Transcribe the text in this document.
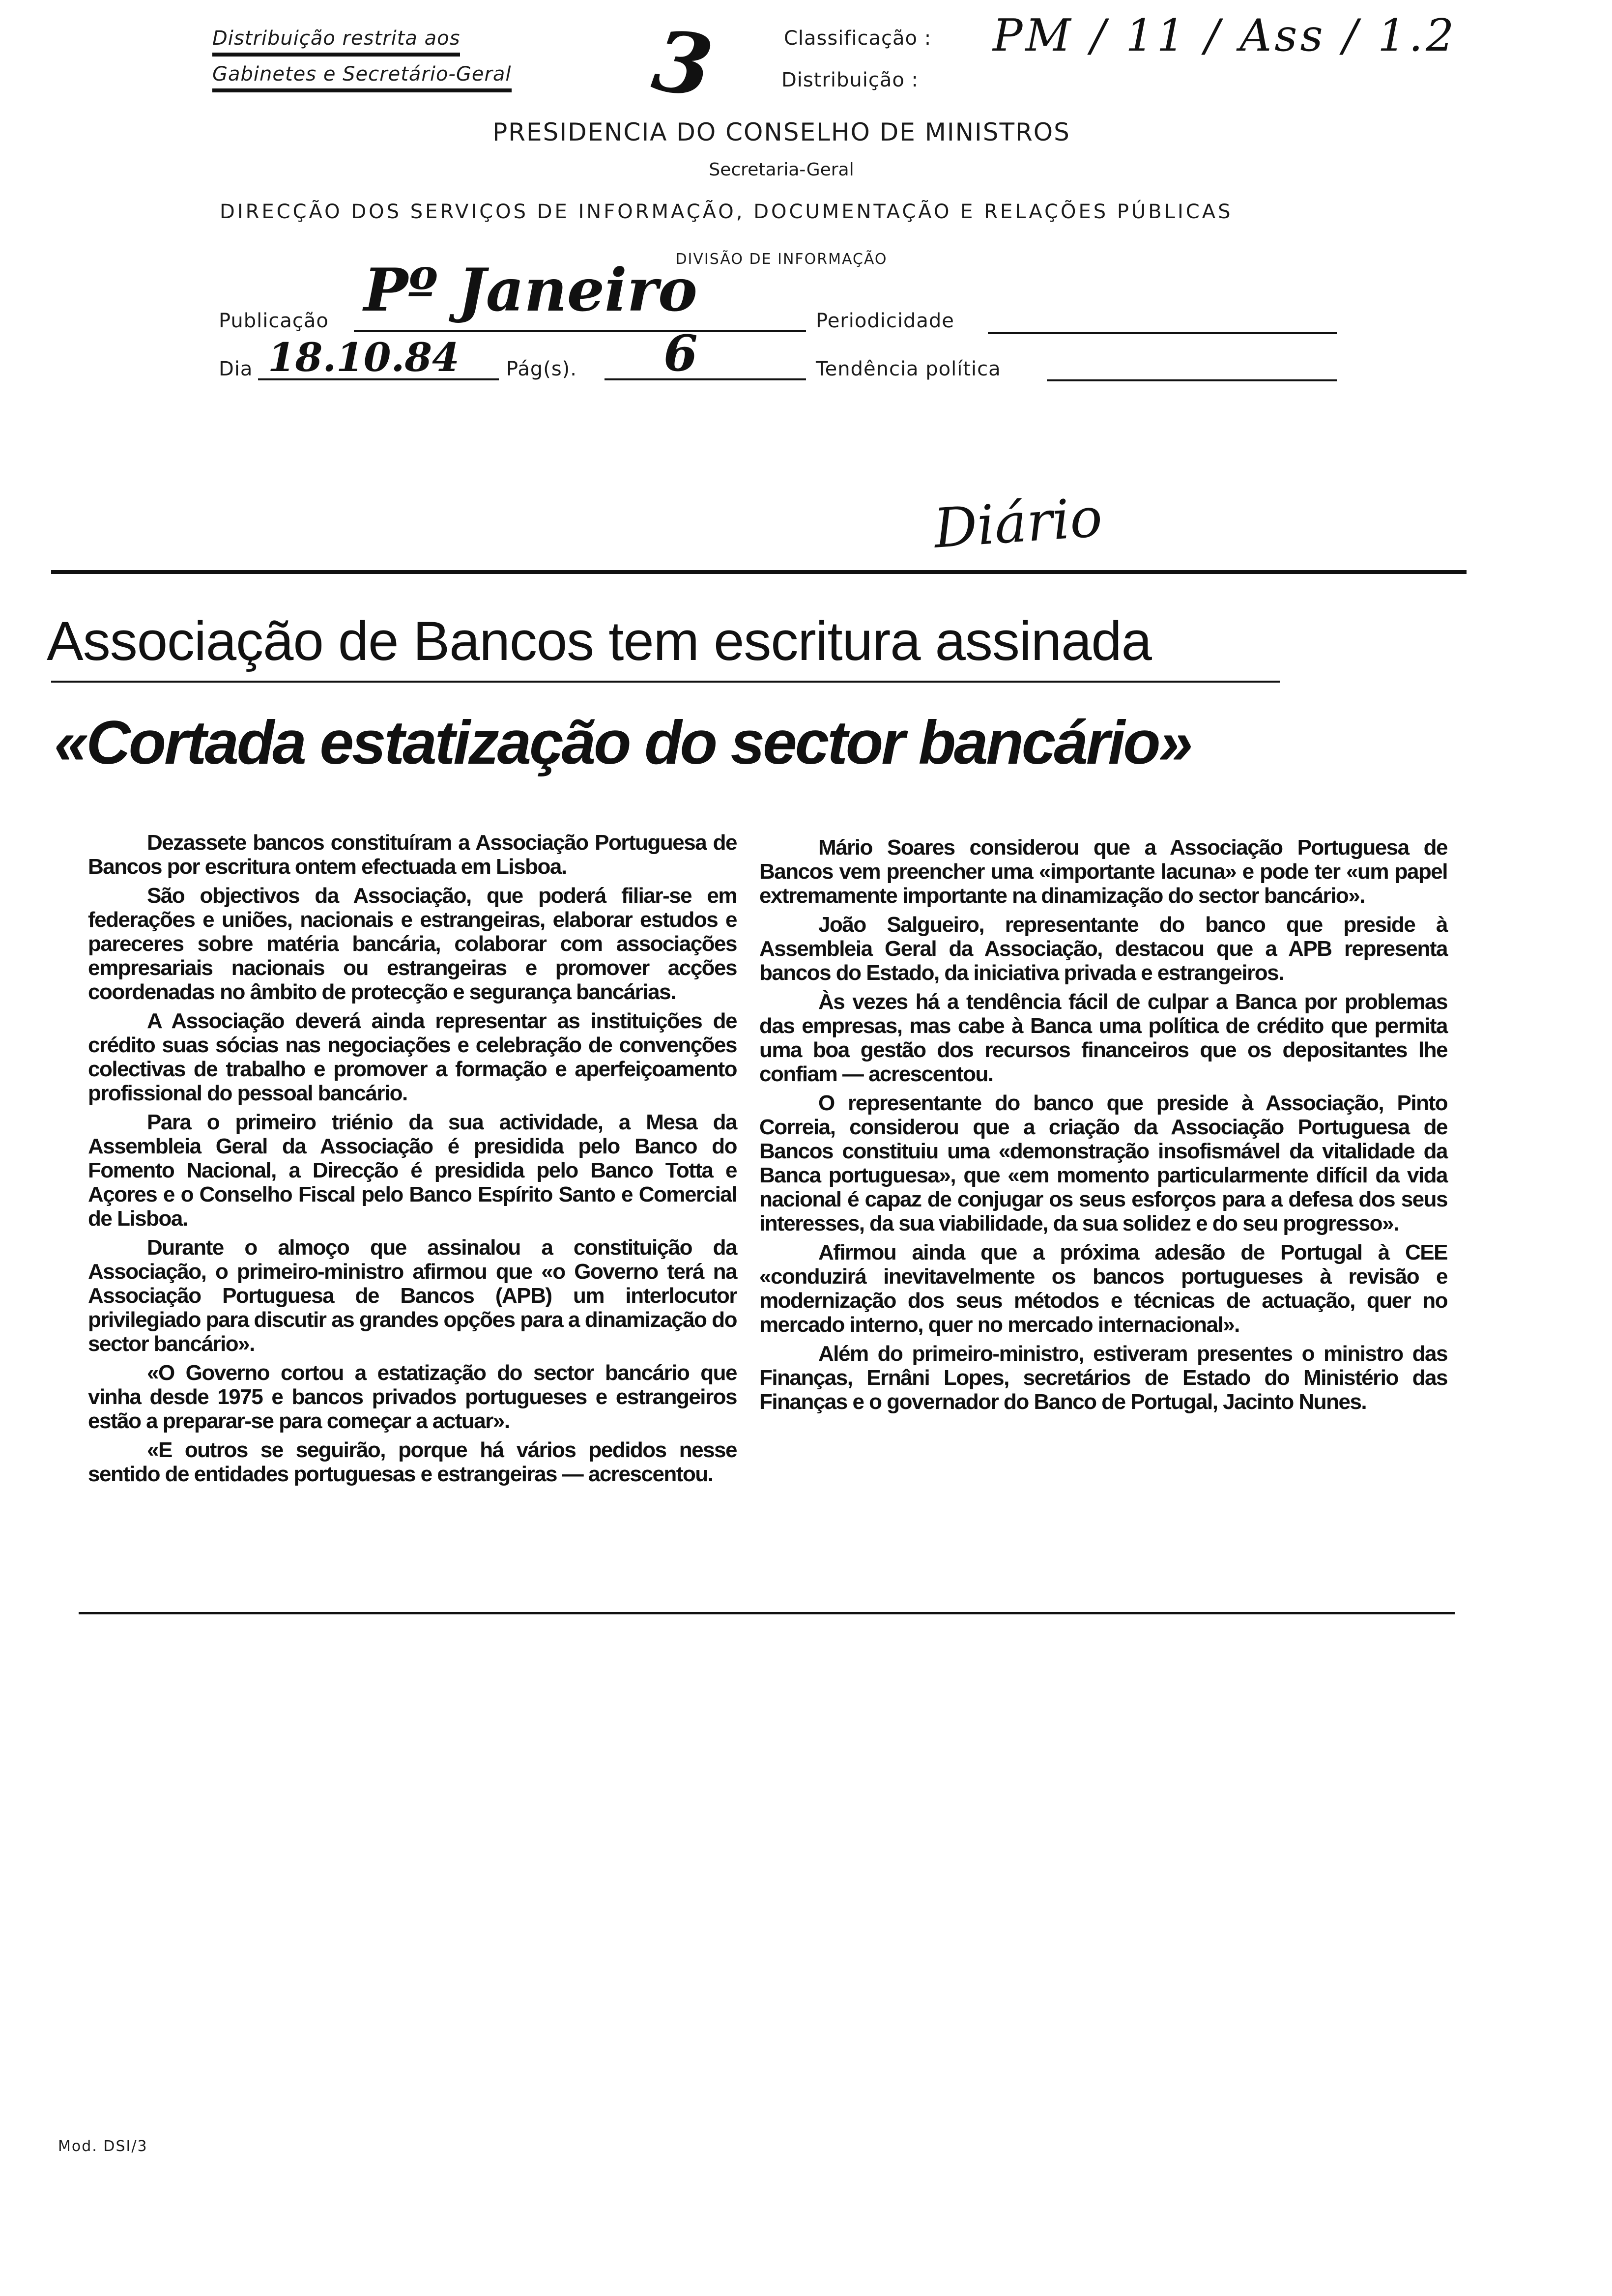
Distribuição restrita aos
Gabinetes e Secretário-Geral 3	Classificação : PM / 11 / Ass / 1.2
Distribuição :
PRESIDENCIA DO CONSELHO DE MINISTROS
Secretaria-Geral
DIRECÇÃO DOS SERVIÇOS DE INFORMAÇÃO, DOCUMENTAÇÃO E RELAÇÕES PÚBLICAS
DIVISÃO DE INFORMAÇÃO
Publicação Pº Janeiro	Periodicidade
Dia 18.10.84 Pág(s). 6	Tendência política
Diário
Associação de Bancos tem escritura assinada
«Cortada estatização do sector bancário»

Dezassete bancos constituíram a Associação Portuguesa de Bancos por escritura ontem efectuada em Lisboa.

São objectivos da Associação, que poderá filiar-se em federações e uniões, nacionais e estrangeiras, elaborar estudos e pareceres sobre matéria bancária, colaborar com associações empresariais nacionais ou estrangeiras e promover acções coordenadas no âmbito de protecção e segurança bancárias.

A Associação deverá ainda representar as instituições de crédito suas sócias nas negociações e celebração de convenções colectivas de trabalho e promover a formação e aperfeiçoamento profissional do pessoal bancário.

Para o primeiro triénio da sua actividade, a Mesa da Assembleia Geral da Associação é presidida pelo Banco do Fomento Nacional, a Direcção é presidida pelo Banco Totta e Açores e o Conselho Fiscal pelo Banco Espírito Santo e Comercial de Lisboa.

Durante o almoço que assinalou a constituição da Associação, o primeiro-ministro afirmou que «o Governo terá na Associação Portuguesa de Bancos (APB) um interlocutor privilegiado para discutir as grandes opções para a dinamização do sector bancário».

«O Governo cortou a estatização do sector bancário que vinha desde 1975 e bancos privados portugueses e estrangeiros estão a preparar-se para começar a actuar».

«E outros se seguirão, porque há vários pedidos nesse sentido de entidades portuguesas e estrangeiras — acrescentou.

Mário Soares considerou que a Associação Portuguesa de Bancos vem preencher uma «importante lacuna» e pode ter «um papel extremamente importante na dinamização do sector bancário».

João Salgueiro, representante do banco que preside à Assembleia Geral da Associação, destacou que a APB representa bancos do Estado, da iniciativa privada e estrangeiros.

Às vezes há a tendência fácil de culpar a Banca por problemas das empresas, mas cabe à Banca uma política de crédito que permita uma boa gestão dos recursos financeiros que os depositantes lhe confiam — acrescentou.

O representante do banco que preside à Associação, Pinto Correia, considerou que a criação da Associação Portuguesa de Bancos constituiu uma «demonstração insofismável da vitalidade da Banca portuguesa», que «em momento particularmente difícil da vida nacional é capaz de conjugar os seus esforços para a defesa dos seus interesses, da sua viabilidade, da sua solidez e do seu progresso».

Afirmou ainda que a próxima adesão de Portugal à CEE «conduzirá inevitavelmente os bancos portugueses à revisão e modernização dos seus métodos e técnicas de actuação, quer no mercado interno, quer no mercado internacional».

Além do primeiro-ministro, estiveram presentes o ministro das Finanças, Ernâni Lopes, secretários de Estado do Ministério das Finanças e o governador do Banco de Portugal, Jacinto Nunes.

Mod. DSI/3
